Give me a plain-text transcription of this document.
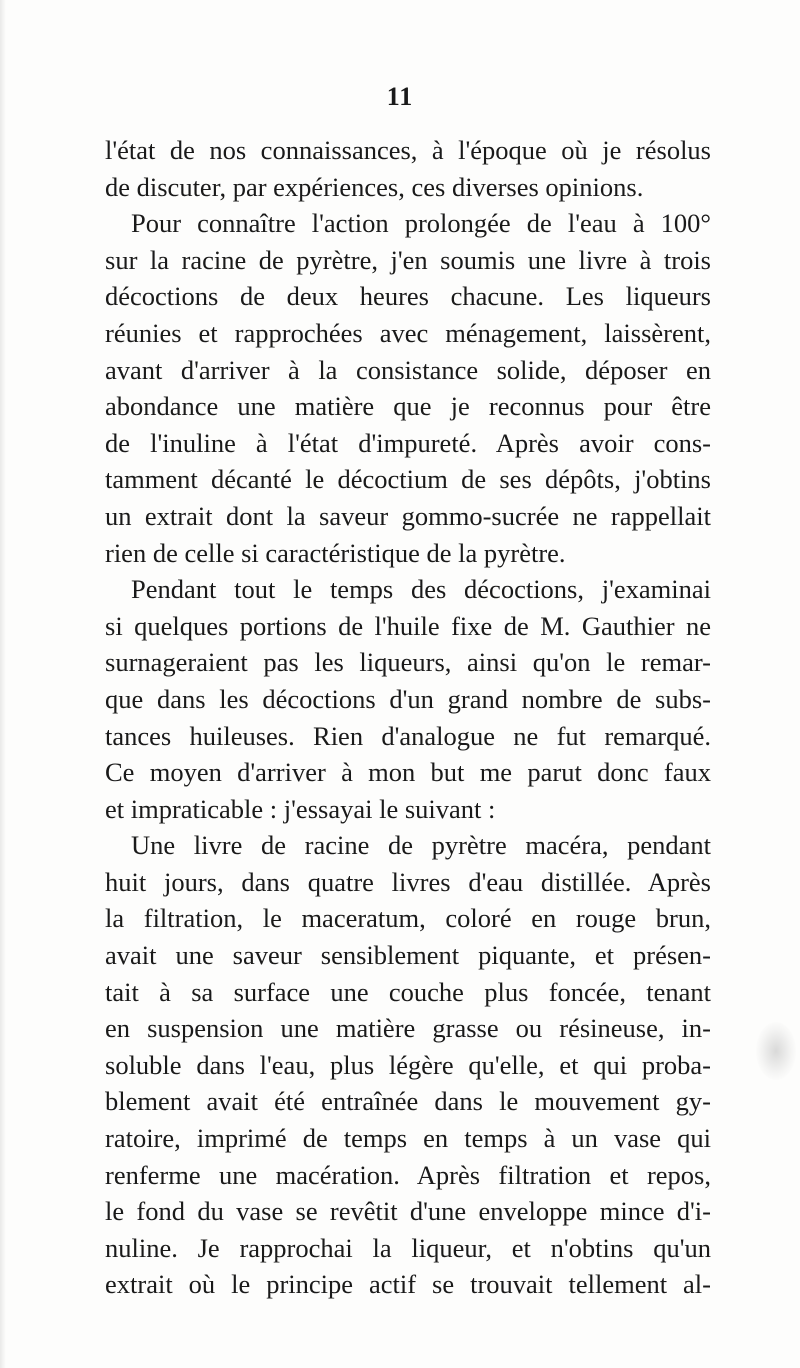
11
l'état de nos connaissances, à l'époque où je résolus
de discuter, par expériences, ces diverses opinions.
Pour connaître l'action prolongée de l'eau à 100°
sur la racine de pyrètre, j'en soumis une livre à trois
décoctions de deux heures chacune. Les liqueurs
réunies et rapprochées avec ménagement, laissèrent,
avant d'arriver à la consistance solide, déposer en
abondance une matière que je reconnus pour être
de l'inuline à l'état d'impureté. Après avoir cons-
tamment décanté le décoctium de ses dépôts, j'obtins
un extrait dont la saveur gommo-sucrée ne rappellait
rien de celle si caractéristique de la pyrètre.
Pendant tout le temps des décoctions, j'examinai
si quelques portions de l'huile fixe de M. Gauthier ne
surnageraient pas les liqueurs, ainsi qu'on le remar-
que dans les décoctions d'un grand nombre de subs-
tances huileuses. Rien d'analogue ne fut remarqué.
Ce moyen d'arriver à mon but me parut donc faux
et impraticable : j'essayai le suivant :
Une livre de racine de pyrètre macéra, pendant
huit jours, dans quatre livres d'eau distillée. Après
la filtration, le maceratum, coloré en rouge brun,
avait une saveur sensiblement piquante, et présen-
tait à sa surface une couche plus foncée, tenant
en suspension une matière grasse ou résineuse, in-
soluble dans l'eau, plus légère qu'elle, et qui proba-
blement avait été entraînée dans le mouvement gy-
ratoire, imprimé de temps en temps à un vase qui
renferme une macération. Après filtration et repos,
le fond du vase se revêtit d'une enveloppe mince d'i-
nuline. Je rapprochai la liqueur, et n'obtins qu'un
extrait où le principe actif se trouvait tellement al-
